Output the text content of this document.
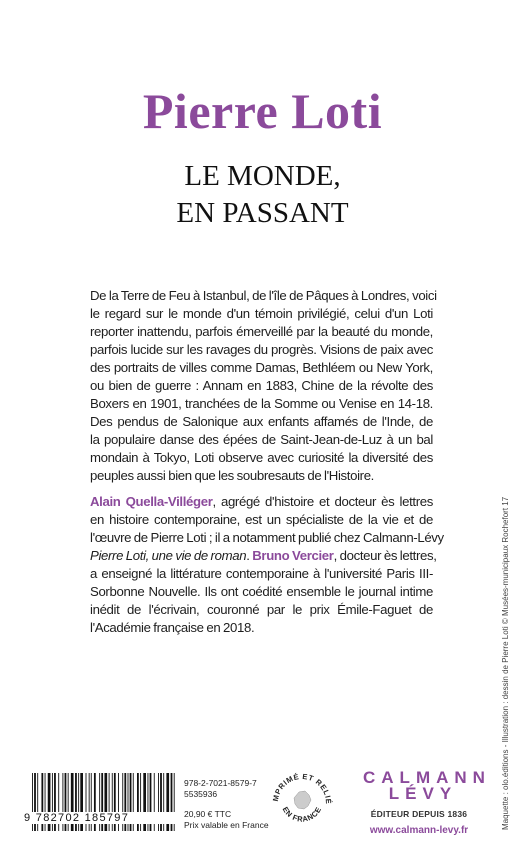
Pierre Loti
LE MONDE,
EN PASSANT
De la Terre de Feu à Istanbul, de l'île de Pâques à Londres, voici
le regard sur le monde d'un témoin privilégié, celui d'un Loti
reporter inattendu, parfois émerveillé par la beauté du monde,
parfois lucide sur les ravages du progrès. Visions de paix avec
des portraits de villes comme Damas, Bethléem ou New York,
ou bien de guerre : Annam en 1883, Chine de la révolte des
Boxers en 1901, tranchées de la Somme ou Venise en 14-18.
Des pendus de Salonique aux enfants affamés de l'Inde, de
la populaire danse des épées de Saint-Jean-de-Luz à un bal
mondain à Tokyo, Loti observe avec curiosité la diversité des
peuples aussi bien que les soubresauts de l'Histoire.
Alain Quella-Villéger, agrégé d'histoire et docteur ès lettres
en histoire contemporaine, est un spécialiste de la vie et de
l'œuvre de Pierre Loti ; il a notamment publié chez Calmann-Lévy
Pierre Loti, une vie de roman. Bruno Vercier, docteur ès lettres,
a enseigné la littérature contemporaine à l'université Paris III-
Sorbonne Nouvelle. Ils ont coédité ensemble le journal intime
inédit de l'écrivain, couronné par le prix Émile-Faguet de
l'Académie française en 2018.	Maquette : olo.éditions - Illustration : dessin de Pierre Loti © Musées-municipaux Rochefort 17
9 782702 185797
978-2-7021-8579-7
5535936
20,90 € TTC
Prix valable en France
MPRIMÉ ET RELIÉ
EN FRANCE
CALMANN
LÉVY
ÉDITEUR DEPUIS 1836
www.calmann-levy.fr
